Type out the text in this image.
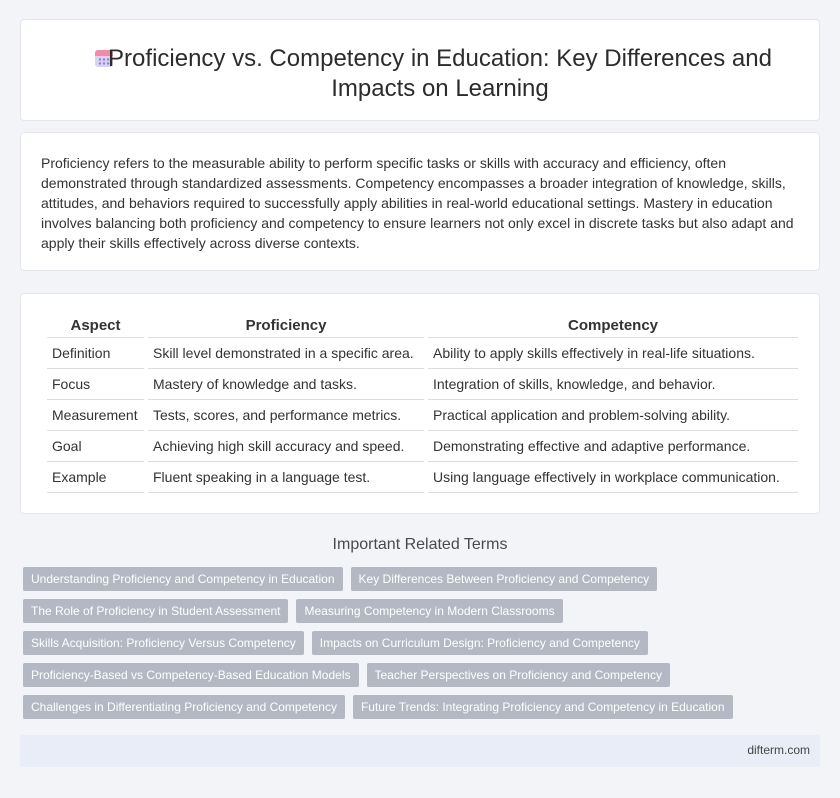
Proficiency vs. Competency in Education: Key Differences and Impacts on Learning

Proficiency refers to the measurable ability to perform specific tasks or skills with accuracy and efficiency, often demonstrated through standardized assessments. Competency encompasses a broader integration of knowledge, skills, attitudes, and behaviors required to successfully apply abilities in real-world educational settings. Mastery in education involves balancing both proficiency and competency to ensure learners not only excel in discrete tasks but also adapt and apply their skills effectively across diverse contexts.

Aspect	Proficiency	Competency
Definition	Skill level demonstrated in a specific area.	Ability to apply skills effectively in real-life situations.
Focus	Mastery of knowledge and tasks.	Integration of skills, knowledge, and behavior.
Measurement	Tests, scores, and performance metrics.	Practical application and problem-solving ability.
Goal	Achieving high skill accuracy and speed.	Demonstrating effective and adaptive performance.
Example	Fluent speaking in a language test.	Using language effectively in workplace communication.
Important Related Terms
Understanding Proficiency and Competency in Education	Key Differences Between Proficiency and Competency
The Role of Proficiency in Student Assessment	Measuring Competency in Modern Classrooms
Skills Acquisition: Proficiency Versus Competency	Impacts on Curriculum Design: Proficiency and Competency
Proficiency-Based vs Competency-Based Education Models	Teacher Perspectives on Proficiency and Competency
Challenges in Differentiating Proficiency and Competency	Future Trends: Integrating Proficiency and Competency in Education
difterm.com
